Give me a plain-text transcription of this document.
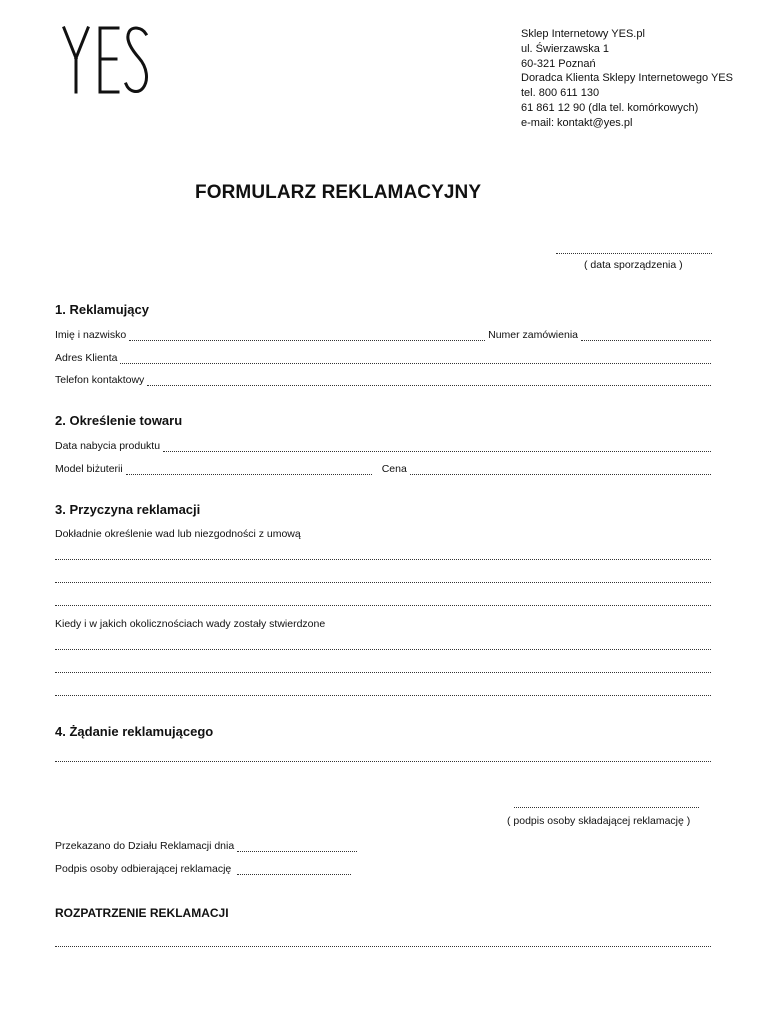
Sklep Internetowy YES.pl
ul. Świerzawska 1
60-321 Poznań
Doradca Klienta Sklepy Internetowego YES
tel. 800 611 130
61 861 12 90 (dla tel. komórkowych)
e-mail: kontakt@yes.pl
FORMULARZ REKLAMACYJNY
( data sporządzenia )
1. Reklamujący
Imię i nazwisko	Numer zamówienia
Adres Klienta
Telefon kontaktowy
2. Określenie towaru
Data nabycia produktu
Model biżuterii	Cena
3. Przyczyna reklamacji
Dokładnie określenie wad lub niezgodności z umową
Kiedy i w jakich okolicznościach wady zostały stwierdzone
4. Żądanie reklamującego
( podpis osoby składającej reklamację )
Przekazano do Działu Reklamacji dnia
Podpis osoby odbierającej reklamację
ROZPATRZENIE REKLAMACJI
